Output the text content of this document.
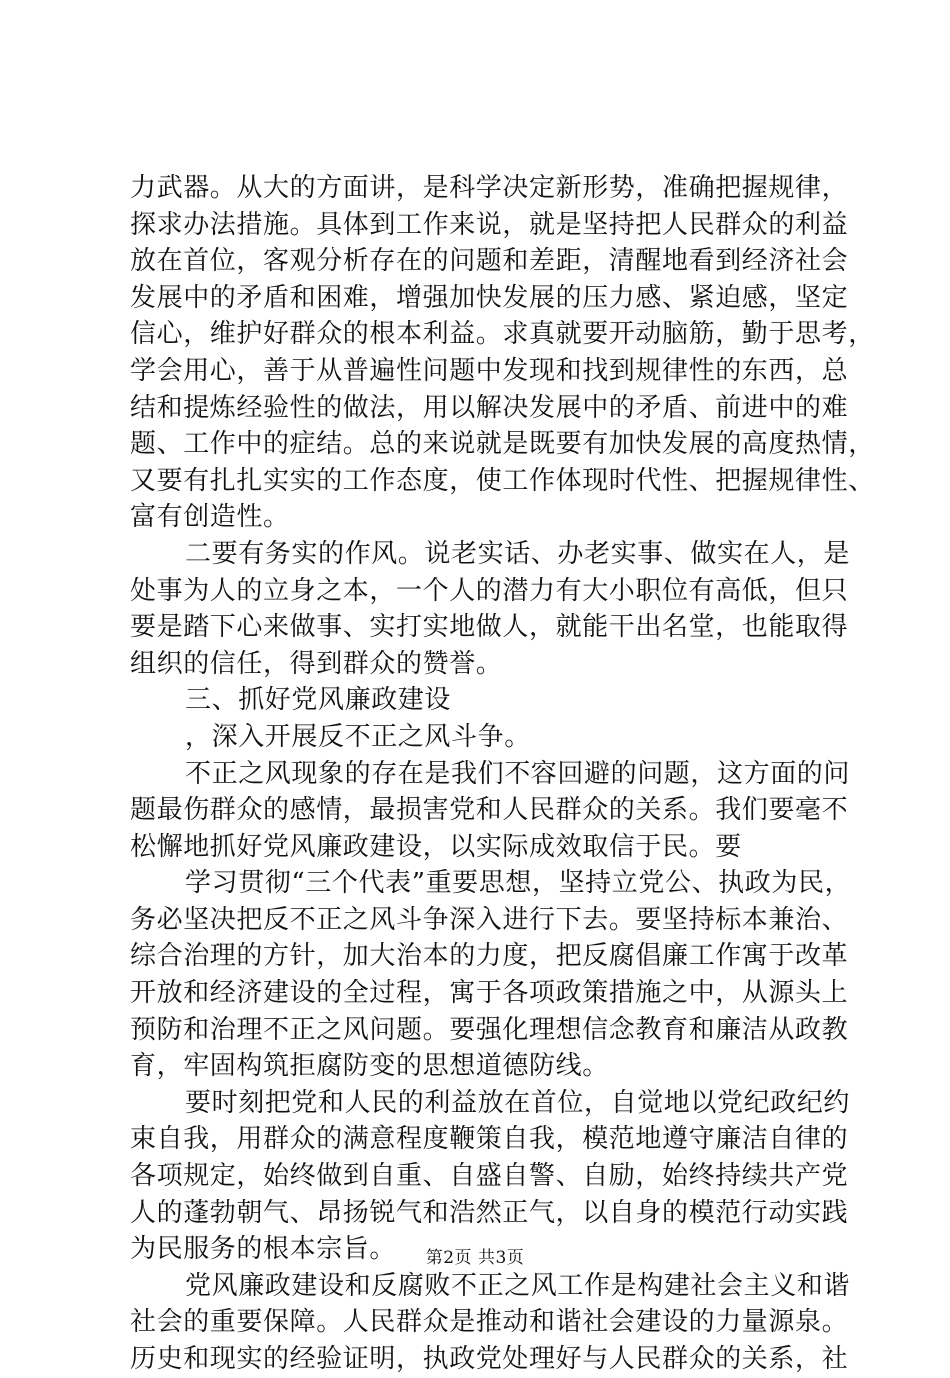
力武器。从大的方面讲，是科学决定新形势，准确把握规律，
探求办法措施。具体到工作来说，就是坚持把人民群众的利益
放在首位，客观分析存在的问题和差距，清醒地看到经济社会
发展中的矛盾和困难，增强加快发展的压力感、紧迫感，坚定
信心，维护好群众的根本利益。求真就要开动脑筋，勤于思考，
学会用心，善于从普遍性问题中发现和找到规律性的东西，总
结和提炼经验性的做法，用以解决发展中的矛盾、前进中的难
题、工作中的症结。总的来说就是既要有加快发展的高度热情，
又要有扎扎实实的工作态度，使工作体现时代性、把握规律性、
富有创造性。
二要有务实的作风。说老实话、办老实事、做实在人，是
处事为人的立身之本，一个人的潜力有大小职位有高低，但只
要是踏下心来做事、实打实地做人，就能干出名堂，也能取得
组织的信任，得到群众的赞誉。
三、抓好党风廉政建设
，深入开展反不正之风斗争。
不正之风现象的存在是我们不容回避的问题，这方面的问
题最伤群众的感情，最损害党和人民群众的关系。我们要毫不
松懈地抓好党风廉政建设，以实际成效取信于民。要
学习贯彻“三个代表”重要思想，坚持立党公、执政为民，
务必坚决把反不正之风斗争深入进行下去。要坚持标本兼治、
综合治理的方针，加大治本的力度，把反腐倡廉工作寓于改革
开放和经济建设的全过程，寓于各项政策措施之中，从源头上
预防和治理不正之风问题。要强化理想信念教育和廉洁从政教
育，牢固构筑拒腐防变的思想道德防线。
要时刻把党和人民的利益放在首位，自觉地以党纪政纪约
束自我，用群众的满意程度鞭策自我，模范地遵守廉洁自律的
各项规定，始终做到自重、自盛自警、自励，始终持续共产党
人的蓬勃朝气、昂扬锐气和浩然正气，以自身的模范行动实践
为民服务的根本宗旨。
党风廉政建设和反腐败不正之风工作是构建社会主义和谐
社会的重要保障。人民群众是推动和谐社会建设的力量源泉。
历史和现实的经验证明，执政党处理好与人民群众的关系，社
第2页 共3页
